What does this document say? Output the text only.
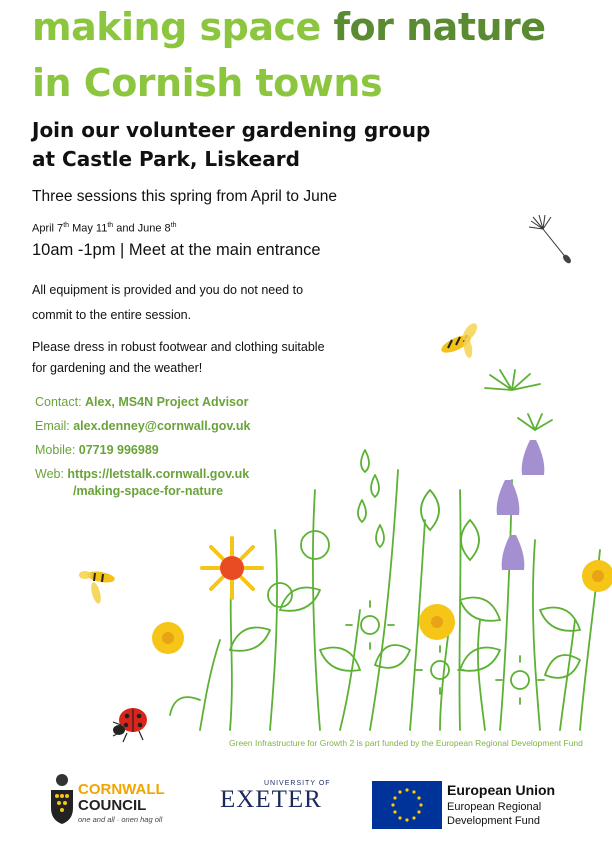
making space for nature
in Cornish towns
Join our volunteer gardening group
at Castle Park, Liskeard
Three sessions this spring from April to June
April 7th May 11th and June 8th
10am -1pm | Meet at the main entrance
All equipment is provided and you do not need to
commit to the entire session.
Please dress in robust footwear and clothing suitable
for gardening and the weather!
Contact: Alex, MS4N Project Advisor
Email: alex.denney@cornwall.gov.uk
Mobile: 07719 996989
Web: https://letstalk.cornwall.gov.uk
/making-space-for-nature
Green Infrastructure for Growth 2 is part funded by the European Regional Development Fund
CORNWALL
COUNCIL
one and all · onen hag oll
UNIVERSITY OF
EXETER	European Union
European Regional
Development Fund
